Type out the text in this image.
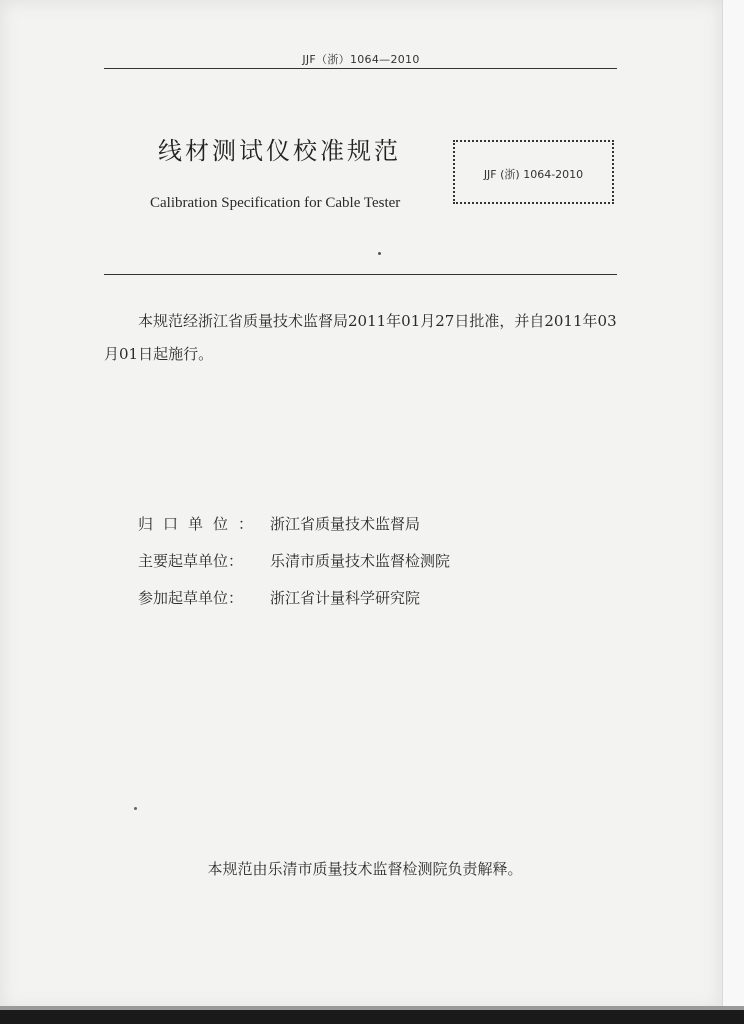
JJF（浙）1064—2010
线材测试仪校准规范
Calibration Specification for Cable Tester
JJF (浙) 1064-2010
本规范经浙江省质量技术监督局2011年01月27日批准，并自2011年03月01日起施行。
归口单位： 浙江省质量技术监督局
主要起草单位： 乐清市质量技术监督检测院
参加起草单位： 浙江省计量科学研究院
本规范由乐清市质量技术监督检测院负责解释。
